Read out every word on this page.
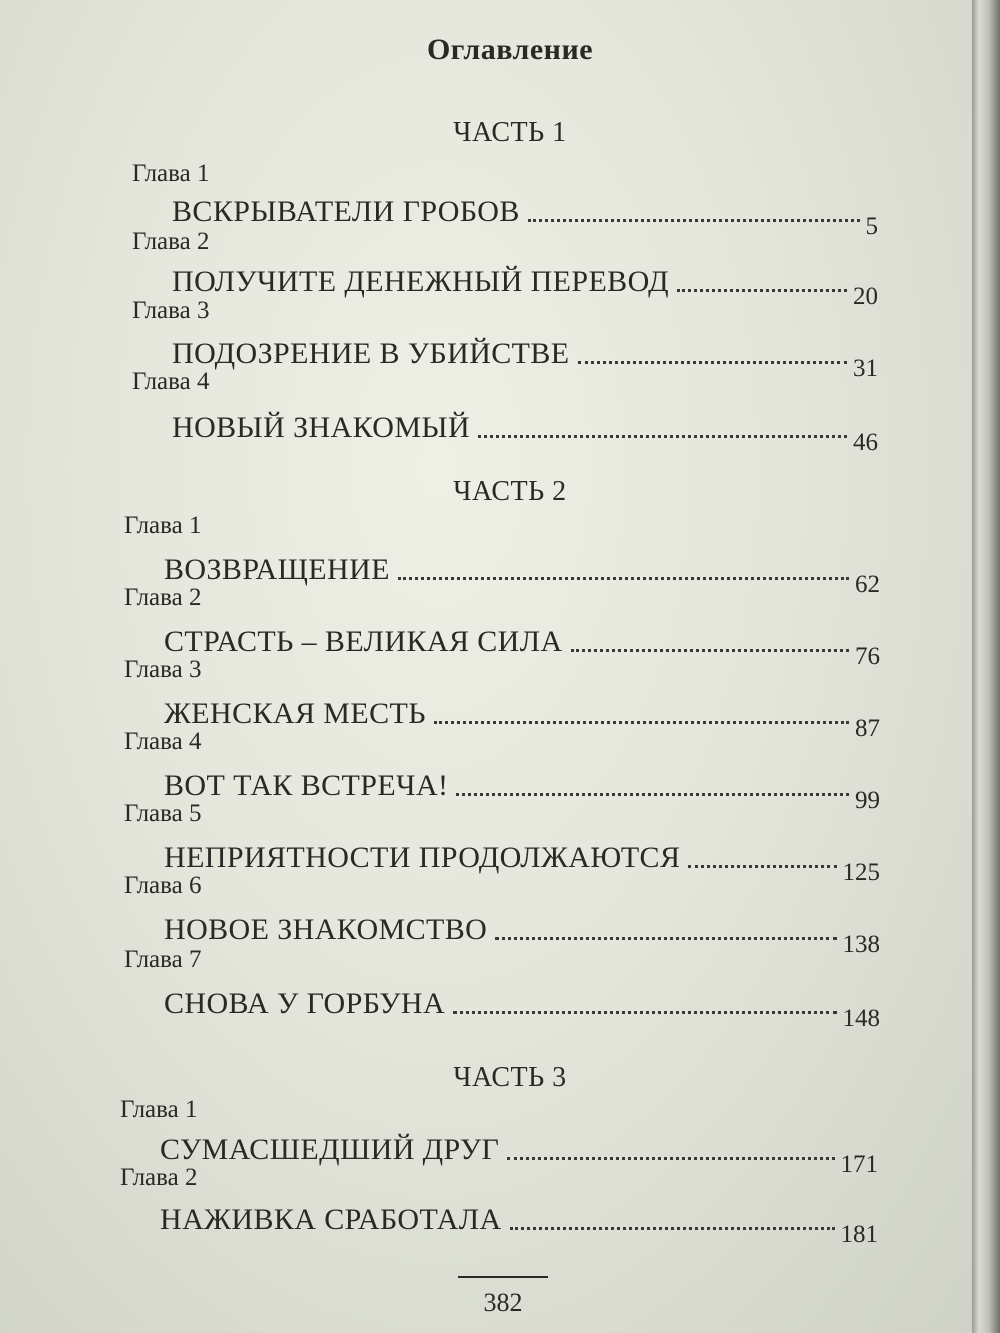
Оглавление
ЧАСТЬ 1
Глава 1
ВСКРЫВАТЕЛИ ГРОБОВ	5
Глава 2
ПОЛУЧИТЕ ДЕНЕЖНЫЙ ПЕРЕВОД	20
Глава 3
ПОДОЗРЕНИЕ В УБИЙСТВЕ	31
Глава 4
НОВЫЙ ЗНАКОМЫЙ	46
ЧАСТЬ 2
Глава 1
ВОЗВРАЩЕНИЕ	62
Глава 2
СТРАСТЬ – ВЕЛИКАЯ СИЛА	76
Глава 3
ЖЕНСКАЯ МЕСТЬ	87
Глава 4
ВОТ ТАК ВСТРЕЧА!	99
Глава 5
НЕПРИЯТНОСТИ ПРОДОЛЖАЮТСЯ	125
Глава 6
НОВОЕ ЗНАКОМСТВО	138
Глава 7
СНОВА У ГОРБУНА	148
ЧАСТЬ 3
Глава 1
СУМАСШЕДШИЙ ДРУГ	171
Глава 2
НАЖИВКА СРАБОТАЛА	181
382
